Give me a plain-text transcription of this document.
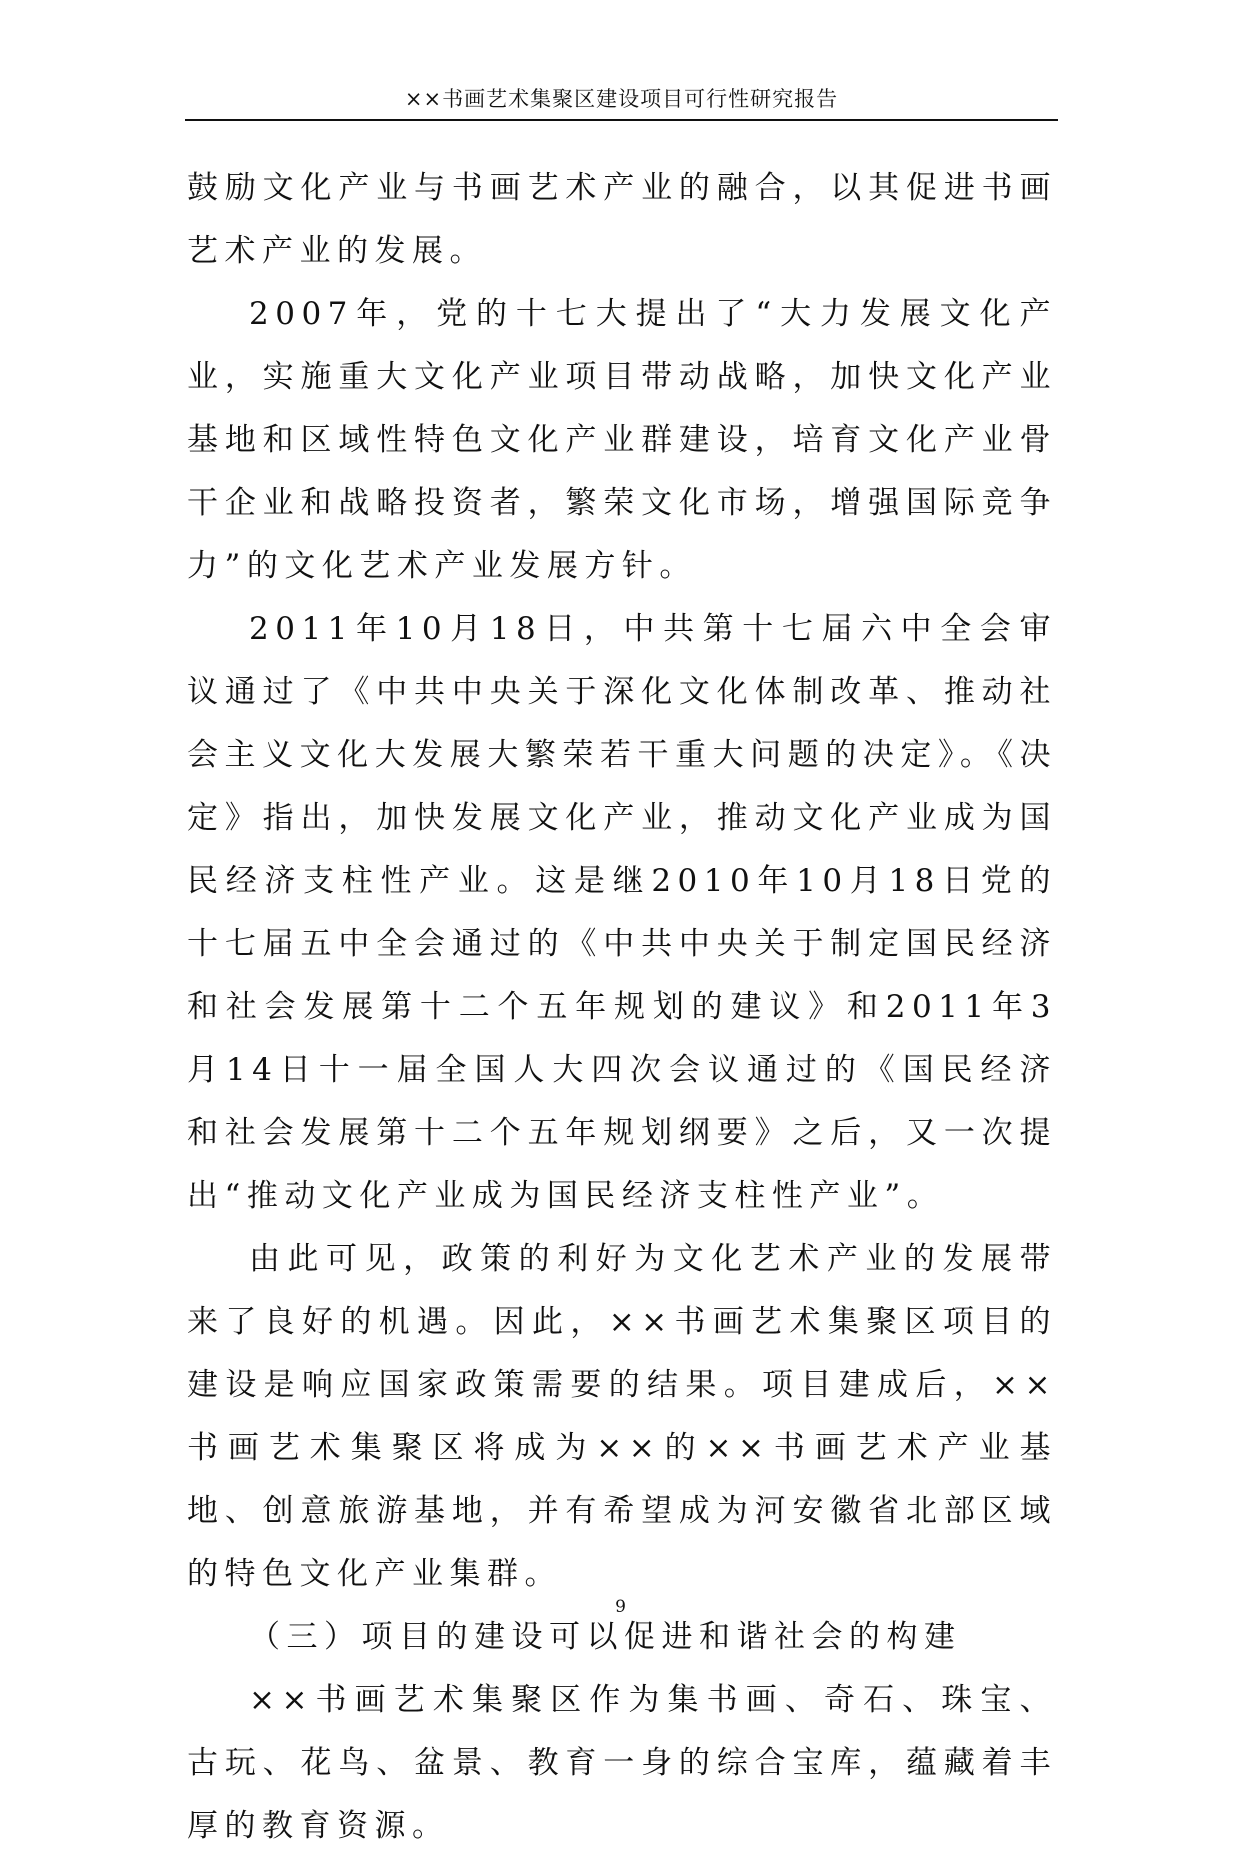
××书画艺术集聚区建设项目可行性研究报告

鼓励文化产业与书画艺术产业的融合，以其促进书画艺术产业的发展。

2007年，党的十七大提出了“大力发展文化产业，实施重大文化产业项目带动战略，加快文化产业基地和区域性特色文化产业群建设，培育文化产业骨干企业和战略投资者，繁荣文化市场，增强国际竞争力”的文化艺术产业发展方针。

2011年10月18日，中共第十七届六中全会审议通过了《中共中央关于深化文化体制改革、推动社会主义文化大发展大繁荣若干重大问题的决定》。《决定》指出，加快发展文化产业，推动文化产业成为国民经济支柱性产业。这是继2010年10月18日党的十七届五中全会通过的《中共中央关于制定国民经济和社会发展第十二个五年规划的建议》和2011年3月14日十一届全国人大四次会议通过的《国民经济和社会发展第十二个五年规划纲要》之后，又一次提出“推动文化产业成为国民经济支柱性产业”。

由此可见，政策的利好为文化艺术产业的发展带来了良好的机遇。因此，××书画艺术集聚区项目的建设是响应国家政策需要的结果。项目建成后，××书画艺术集聚区将成为××的××书画艺术产业基地、创意旅游基地，并有希望成为河安徽省北部区域的特色文化产业集群。

（三）项目的建设可以促进和谐社会的构建

××书画艺术集聚区作为集书画、奇石、珠宝、古玩、花鸟、盆景、教育一身的综合宝库，蕴藏着丰厚的教育资源。

9
